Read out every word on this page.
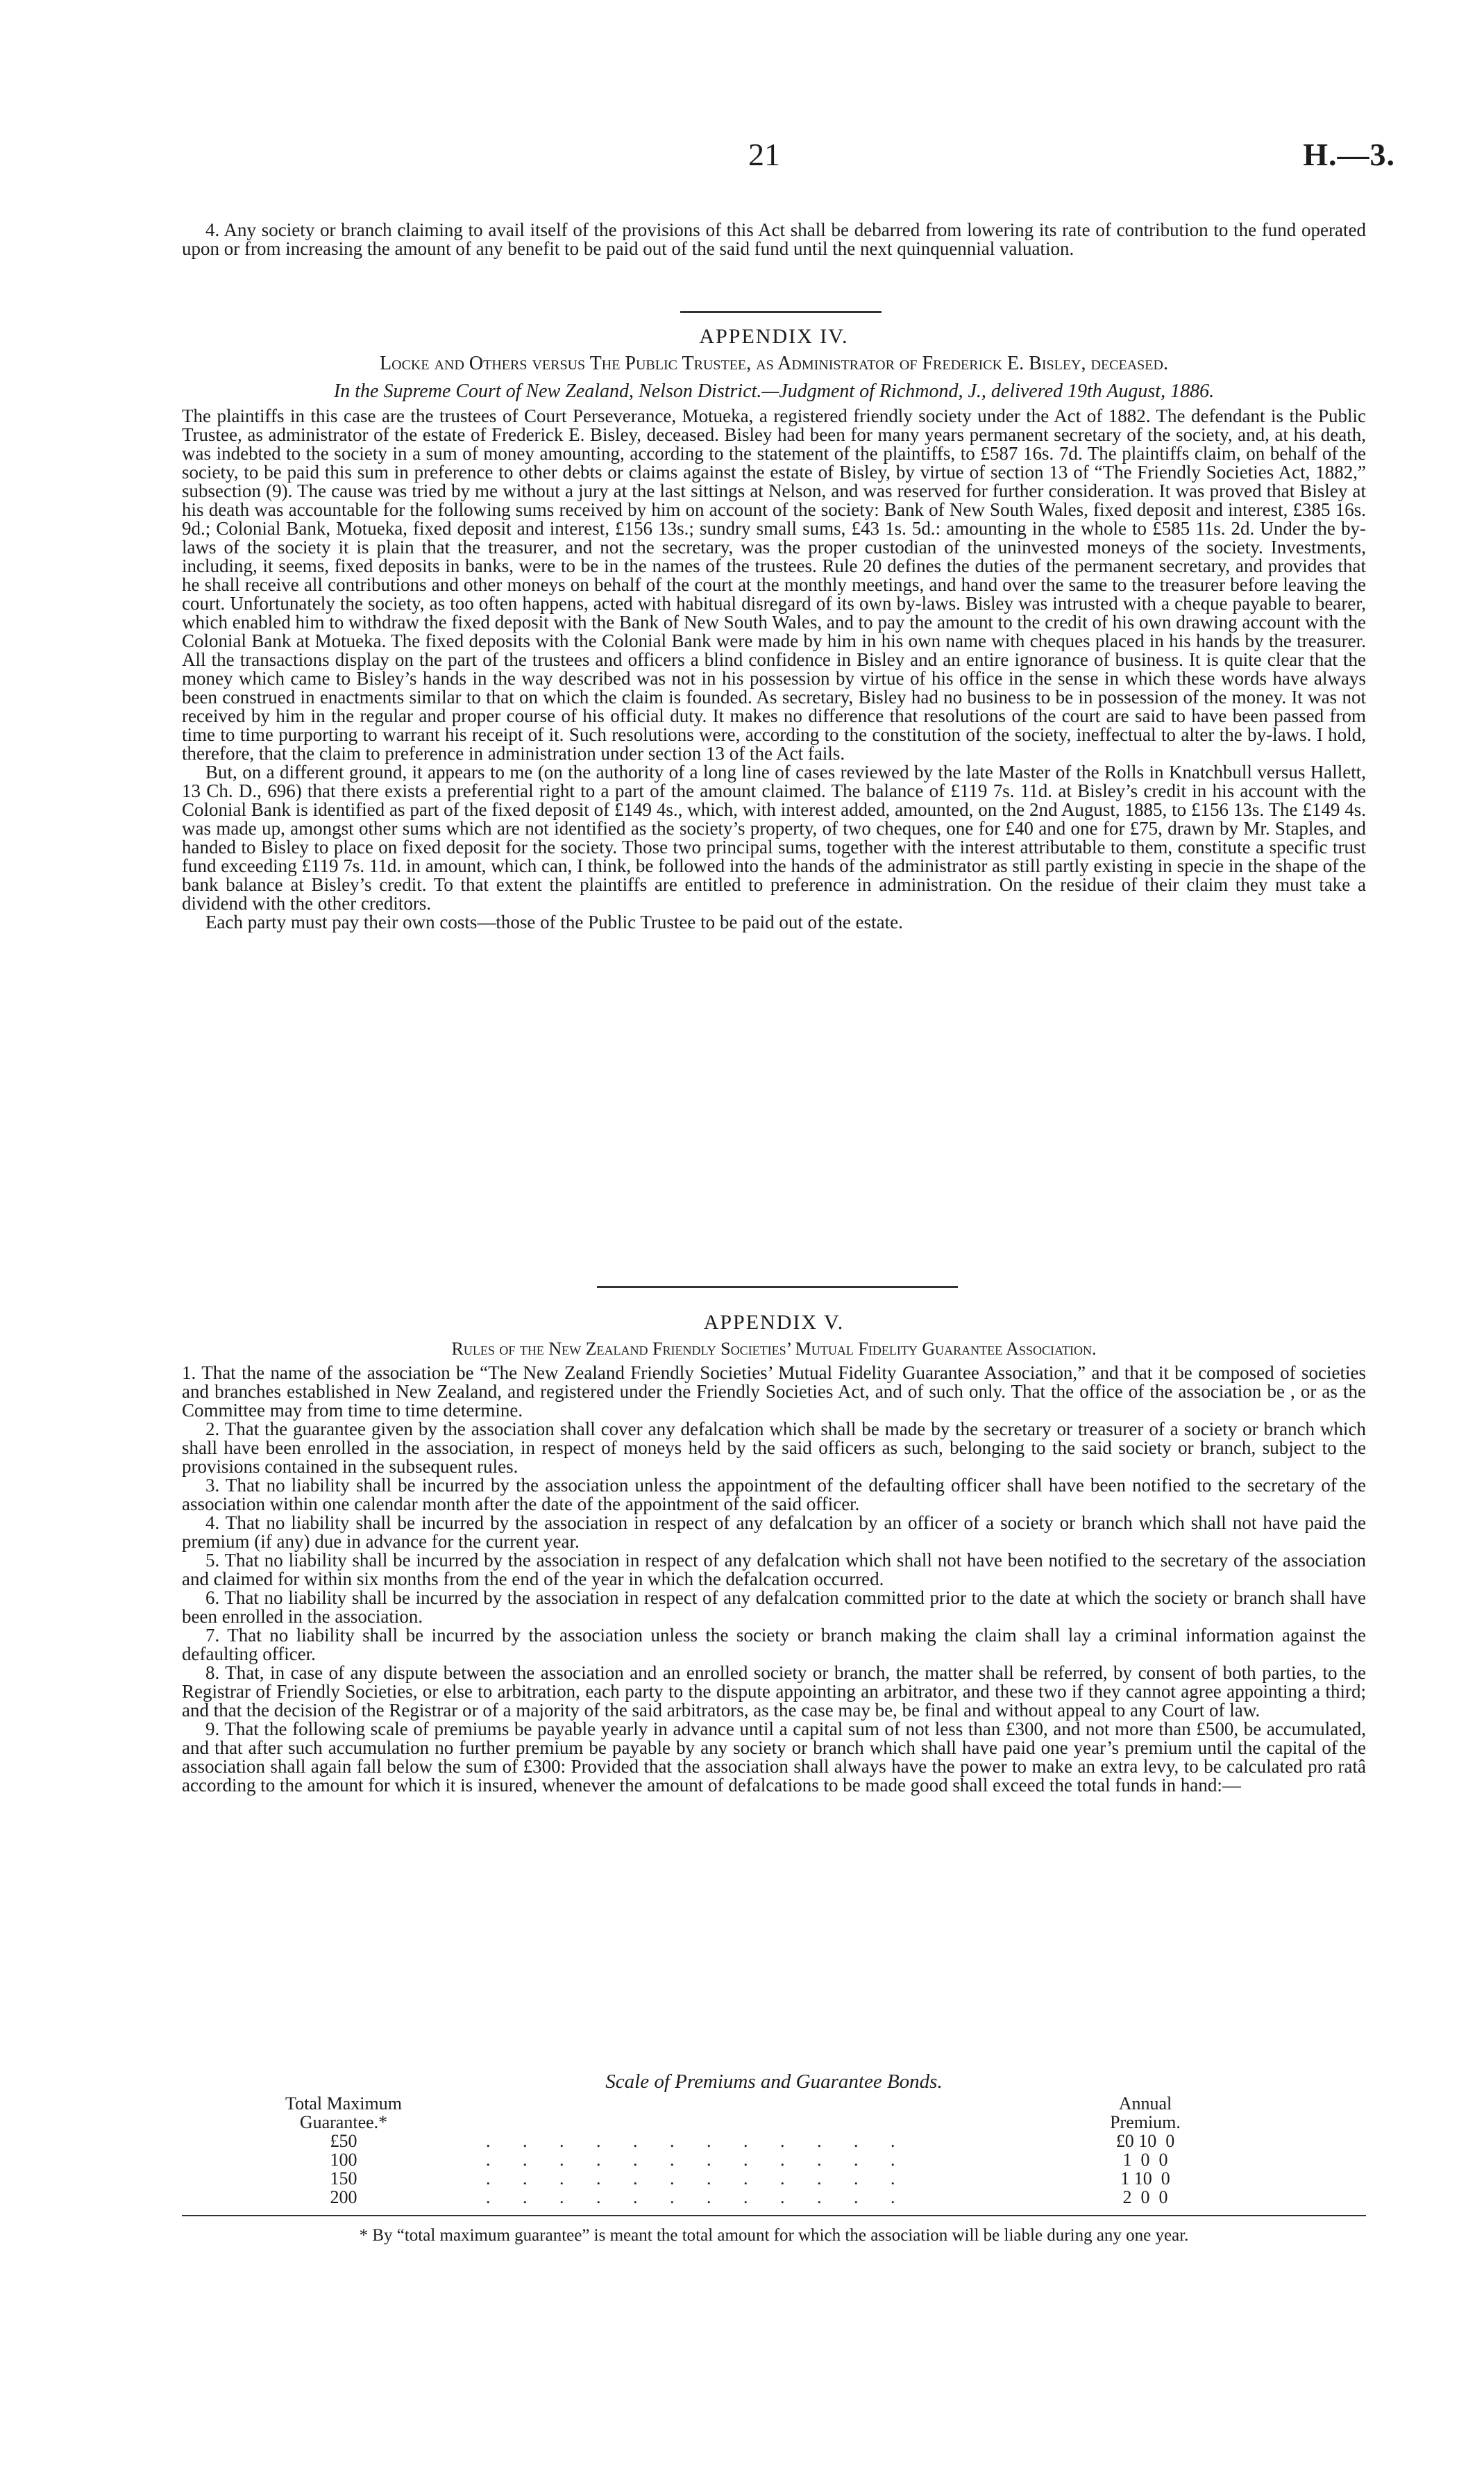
21	H.—3.

4. Any society or branch claiming to avail itself of the provisions of this Act shall be debarred from lowering its rate of contribution to the fund operated upon or from increasing the amount of any benefit to be paid out of the said fund until the next quinquennial valuation.

APPENDIX IV.
Locke and Others versus The Public Trustee, as Administrator of Frederick E. Bisley, deceased.
In the Supreme Court of New Zealand, Nelson District.—Judgment of Richmond, J., delivered 19th August, 1886.

The plaintiffs in this case are the trustees of Court Perseverance, Motueka, a registered friendly society under the Act of 1882. The defendant is the Public Trustee, as administrator of the estate of Frederick E. Bisley, deceased. Bisley had been for many years permanent secretary of the society, and, at his death, was indebted to the society in a sum of money amounting, according to the statement of the plaintiffs, to £587 16s. 7d. The plaintiffs claim, on behalf of the society, to be paid this sum in preference to other debts or claims against the estate of Bisley, by virtue of section 13 of “The Friendly Societies Act, 1882,” subsection (9). The cause was tried by me without a jury at the last sittings at Nelson, and was reserved for further consideration. It was proved that Bisley at his death was accountable for the following sums received by him on account of the society: Bank of New South Wales, fixed deposit and interest, £385 16s. 9d.; Colonial Bank, Motueka, fixed deposit and interest, £156 13s.; sundry small sums, £43 1s. 5d.: amounting in the whole to £585 11s. 2d. Under the by-laws of the society it is plain that the treasurer, and not the secretary, was the proper custodian of the uninvested moneys of the society. Investments, including, it seems, fixed deposits in banks, were to be in the names of the trustees. Rule 20 defines the duties of the permanent secretary, and provides that he shall receive all contributions and other moneys on behalf of the court at the monthly meetings, and hand over the same to the treasurer before leaving the court. Unfortunately the society, as too often happens, acted with habitual disregard of its own by-laws. Bisley was intrusted with a cheque payable to bearer, which enabled him to withdraw the fixed deposit with the Bank of New South Wales, and to pay the amount to the credit of his own drawing account with the Colonial Bank at Motueka. The fixed deposits with the Colonial Bank were made by him in his own name with cheques placed in his hands by the treasurer. All the transactions display on the part of the trustees and officers a blind confidence in Bisley and an entire ignorance of business. It is quite clear that the money which came to Bisley’s hands in the way described was not in his possession by virtue of his office in the sense in which these words have always been construed in enactments similar to that on which the claim is founded. As secretary, Bisley had no business to be in possession of the money. It was not received by him in the regular and proper course of his official duty. It makes no difference that resolutions of the court are said to have been passed from time to time purporting to warrant his receipt of it. Such resolutions were, according to the constitution of the society, ineffectual to alter the by-laws. I hold, therefore, that the claim to preference in administration under section 13 of the Act fails.

But, on a different ground, it appears to me (on the authority of a long line of cases reviewed by the late Master of the Rolls in Knatchbull versus Hallett, 13 Ch. D., 696) that there exists a preferential right to a part of the amount claimed. The balance of £119 7s. 11d. at Bisley’s credit in his account with the Colonial Bank is identified as part of the fixed deposit of £149 4s., which, with interest added, amounted, on the 2nd August, 1885, to £156 13s. The £149 4s. was made up, amongst other sums which are not identified as the society’s property, of two cheques, one for £40 and one for £75, drawn by Mr. Staples, and handed to Bisley to place on fixed deposit for the society. Those two principal sums, together with the interest attributable to them, constitute a specific trust fund exceeding £119 7s. 11d. in amount, which can, I think, be followed into the hands of the administrator as still partly existing in specie in the shape of the bank balance at Bisley’s credit. To that extent the plaintiffs are entitled to preference in administration. On the residue of their claim they must take a dividend with the other creditors.

Each party must pay their own costs—those of the Public Trustee to be paid out of the estate.

APPENDIX V.
Rules of the New Zealand Friendly Societies’ Mutual Fidelity Guarantee Association.

1. That the name of the association be “The New Zealand Friendly Societies’ Mutual Fidelity Guarantee Association,” and that it be composed of societies and branches established in New Zealand, and registered under the Friendly Societies Act, and of such only. That the office of the association be , or as the Committee may from time to time determine.

2. That the guarantee given by the association shall cover any defalcation which shall be made by the secretary or treasurer of a society or branch which shall have been enrolled in the association, in respect of moneys held by the said officers as such, belonging to the said society or branch, subject to the provisions contained in the subsequent rules.

3. That no liability shall be incurred by the association unless the appointment of the defaulting officer shall have been notified to the secretary of the association within one calendar month after the date of the appointment of the said officer.

4. That no liability shall be incurred by the association in respect of any defalcation by an officer of a society or branch which shall not have paid the premium (if any) due in advance for the current year.

5. That no liability shall be incurred by the association in respect of any defalcation which shall not have been notified to the secretary of the association and claimed for within six months from the end of the year in which the defalcation occurred.

6. That no liability shall be incurred by the association in respect of any defalcation committed prior to the date at which the society or branch shall have been enrolled in the association.

7. That no liability shall be incurred by the association unless the society or branch making the claim shall lay a criminal information against the defaulting officer.

8. That, in case of any dispute between the association and an enrolled society or branch, the matter shall be referred, by consent of both parties, to the Registrar of Friendly Societies, or else to arbitration, each party to the dispute appointing an arbitrator, and these two if they cannot agree appointing a third; and that the decision of the Registrar or of a majority of the said arbitrators, as the case may be, be final and without appeal to any Court of law.

9. That the following scale of premiums be payable yearly in advance until a capital sum of not less than £300, and not more than £500, be accumulated, and that after such accumulation no further premium be payable by any society or branch which shall have paid one year’s premium until the capital of the association shall again fall below the sum of £300: Provided that the association shall always have the power to make an extra levy, to be calculated pro ratâ according to the amount for which it is insured, whenever the amount of defalcations to be made good shall exceed the total funds in hand:—

Scale of Premiums and Guarantee Bonds.
Total Maximum	Annual
Guarantee.*	Premium.
£50	. . . . . . . . . . . .	£0 10  0
100	. . . . . . . . . . . .	1  0  0
150	. . . . . . . . . . . .	1 10  0
200	. . . . . . . . . . . .	2  0  0
* By “total maximum guarantee” is meant the total amount for which the association will be liable during any one year.
